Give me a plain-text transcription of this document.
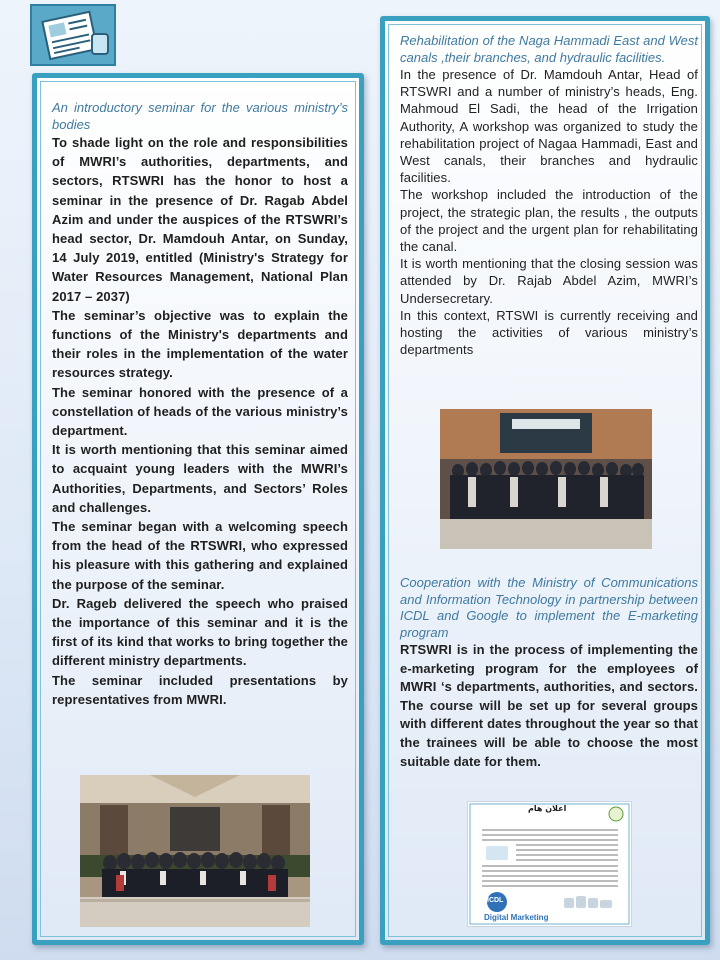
An introductory seminar for the various ministry’s bodies

To shade light on the role and responsibilities of MWRI’s authorities, departments, and sectors, RTSWRI has the honor to host a seminar in the presence of Dr. Ragab Abdel Azim and under the auspices of the RTSWRI’s head sector, Dr. Mamdouh Antar, on Sunday, 14 July 2019, entitled (Ministry's Strategy for Water Resources Management, National Plan 2017 – 2037)

The seminar’s objective was to explain the functions of the Ministry's departments and their roles in the implementation of the water resources strategy.

The seminar honored with the presence of a constellation of heads of the various ministry’s department.

It is worth mentioning that this seminar aimed to acquaint young leaders with the MWRI’s Authorities, Departments, and Sectors’ Roles and challenges.

The seminar began with a welcoming speech from the head of the RTSWRI, who expressed his pleasure with this gathering and explained the purpose of the seminar.

Dr. Rageb delivered the speech who praised the importance of this seminar and it is the first of its kind that works to bring together the different ministry departments.

The seminar included presentations by representatives from MWRI.

Rehabilitation of the Naga Hammadi East and West canals ,their branches, and hydraulic facilities.

In the presence of Dr. Mamdouh Antar, Head of RTSWRI and a number of ministry’s heads, Eng. Mahmoud El Sadi, the head of the Irrigation Authority, A workshop was organized to study the rehabilitation project of Nagaa Hammadi, East and West canals, their branches and hydraulic facilities.

The workshop included the introduction of the project, the strategic plan, the results , the outputs of the project and the urgent plan for rehabilitating the canal.

It is worth mentioning that the closing session was attended by Dr. Rajab Abdel Azim, MWRI’s Undersecretary.

In this context, RTSWI is currently receiving and hosting the activities of various ministry’s departments

Cooperation with the Ministry of Communications and Information Technology in partnership between ICDL and Google to implement the E-marketing program

RTSWRI is in the process of implementing the e-marketing program for the employees of MWRI ‘s departments, authorities, and sectors. The course will be set up for several groups with different dates throughout the year so that the trainees will be able to choose the most suitable date for them.

اعلان هام
ICDL
Digital Marketing
